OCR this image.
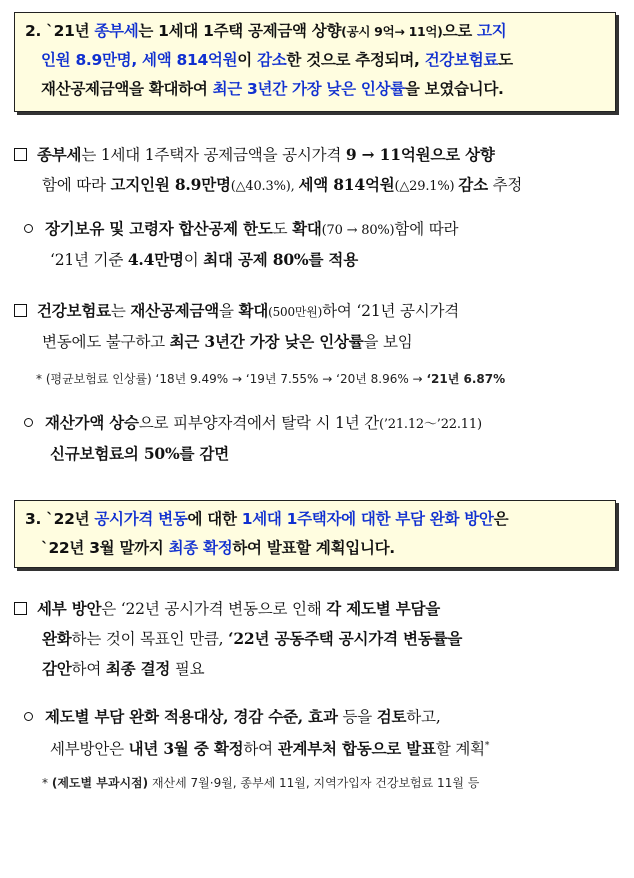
2. `21년 종부세는 1세대 1주택 공제금액 상향(공시 9억→ 11억)으로 고지
인원 8.9만명, 세액 814억원이 감소한 것으로 추정되며, 건강보험료도
재산공제금액을 확대하여 최근 3년간 가장 낮은 인상률을 보였습니다.
종부세는 1세대 1주택자 공제금액을 공시가격 9 → 11억원으로 상향
함에 따라 고지인원 8.9만명(△40.3%), 세액 814억원(△29.1%) 감소 추정
장기보유 및 고령자 합산공제 한도도 확대(70 → 80%)함에 따라
‘21년 기준 4.4만명이 최대 공제 80%를 적용
건강보험료는 재산공제금액을 확대(500만원)하여 ‘21년 공시가격
변동에도 불구하고 최근 3년간 가장 낮은 인상률을 보임
* (평균보험료 인상률) ‘18년 9.49% → ‘19년 7.55% → ‘20년 8.96% → ‘21년 6.87%
재산가액 상승으로 피부양자격에서 탈락 시 1년 간(’21.12～’22.11)
신규보험료의 50%를 감면
3. `22년 공시가격 변동에 대한 1세대 1주택자에 대한 부담 완화 방안은
`22년 3월 말까지 최종 확정하여 발표할 계획입니다.
세부 방안은 ‘22년 공시가격 변동으로 인해 각 제도별 부담을
완화하는 것이 목표인 만큼, ‘22년 공동주택 공시가격 변동률을
감안하여 최종 결정 필요
제도별 부담 완화 적용대상, 경감 수준, 효과 등을 검토하고,
세부방안은 내년 3월 중 확정하여 관계부처 합동으로 발표할 계획*
* (제도별 부과시점) 재산세 7월·9월, 종부세 11월, 지역가입자 건강보험료 11월 등
